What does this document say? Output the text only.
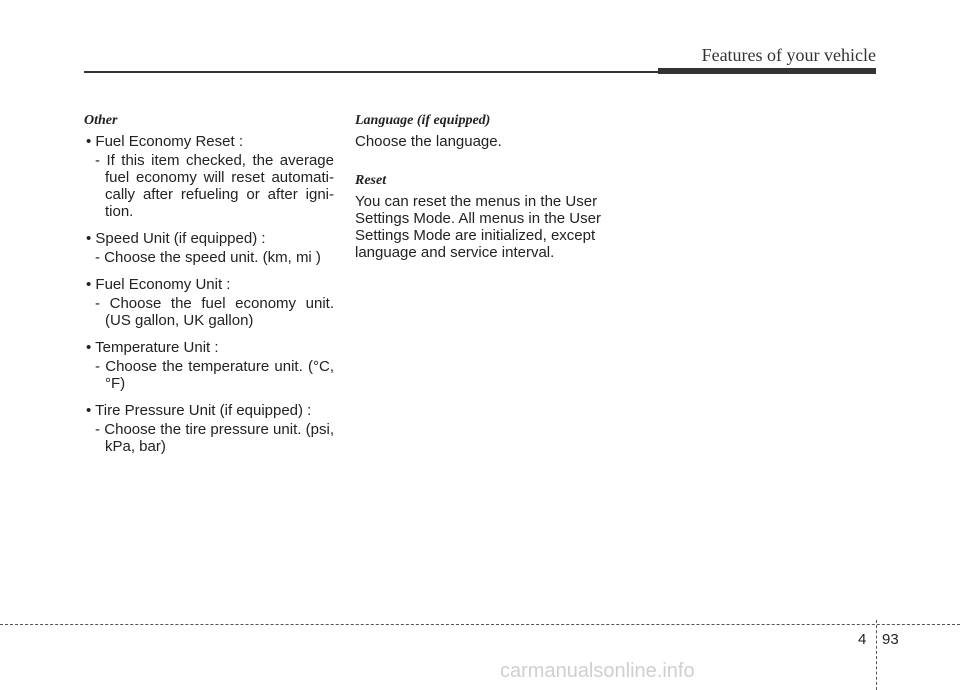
Features of your vehicle
Other
• Fuel Economy Reset :
- If this item checked, the average fuel economy will reset automati-cally after refueling or after igni-tion.
• Speed Unit (if equipped) :
- Choose the speed unit. (km, mi )
• Fuel Economy Unit :
- Choose the fuel economy unit. (US gallon, UK gallon)
• Temperature Unit :
- Choose the temperature unit. (°C,°F)
• Tire Pressure Unit (if equipped) :
- Choose the tire pressure unit. (psi, kPa, bar)
Language (if equipped)
Choose the language.
Reset
You can reset the menus in the User Settings Mode. All menus in the User Settings Mode are initialized, except language and service interval.
4 93
carmanualsonline.info
